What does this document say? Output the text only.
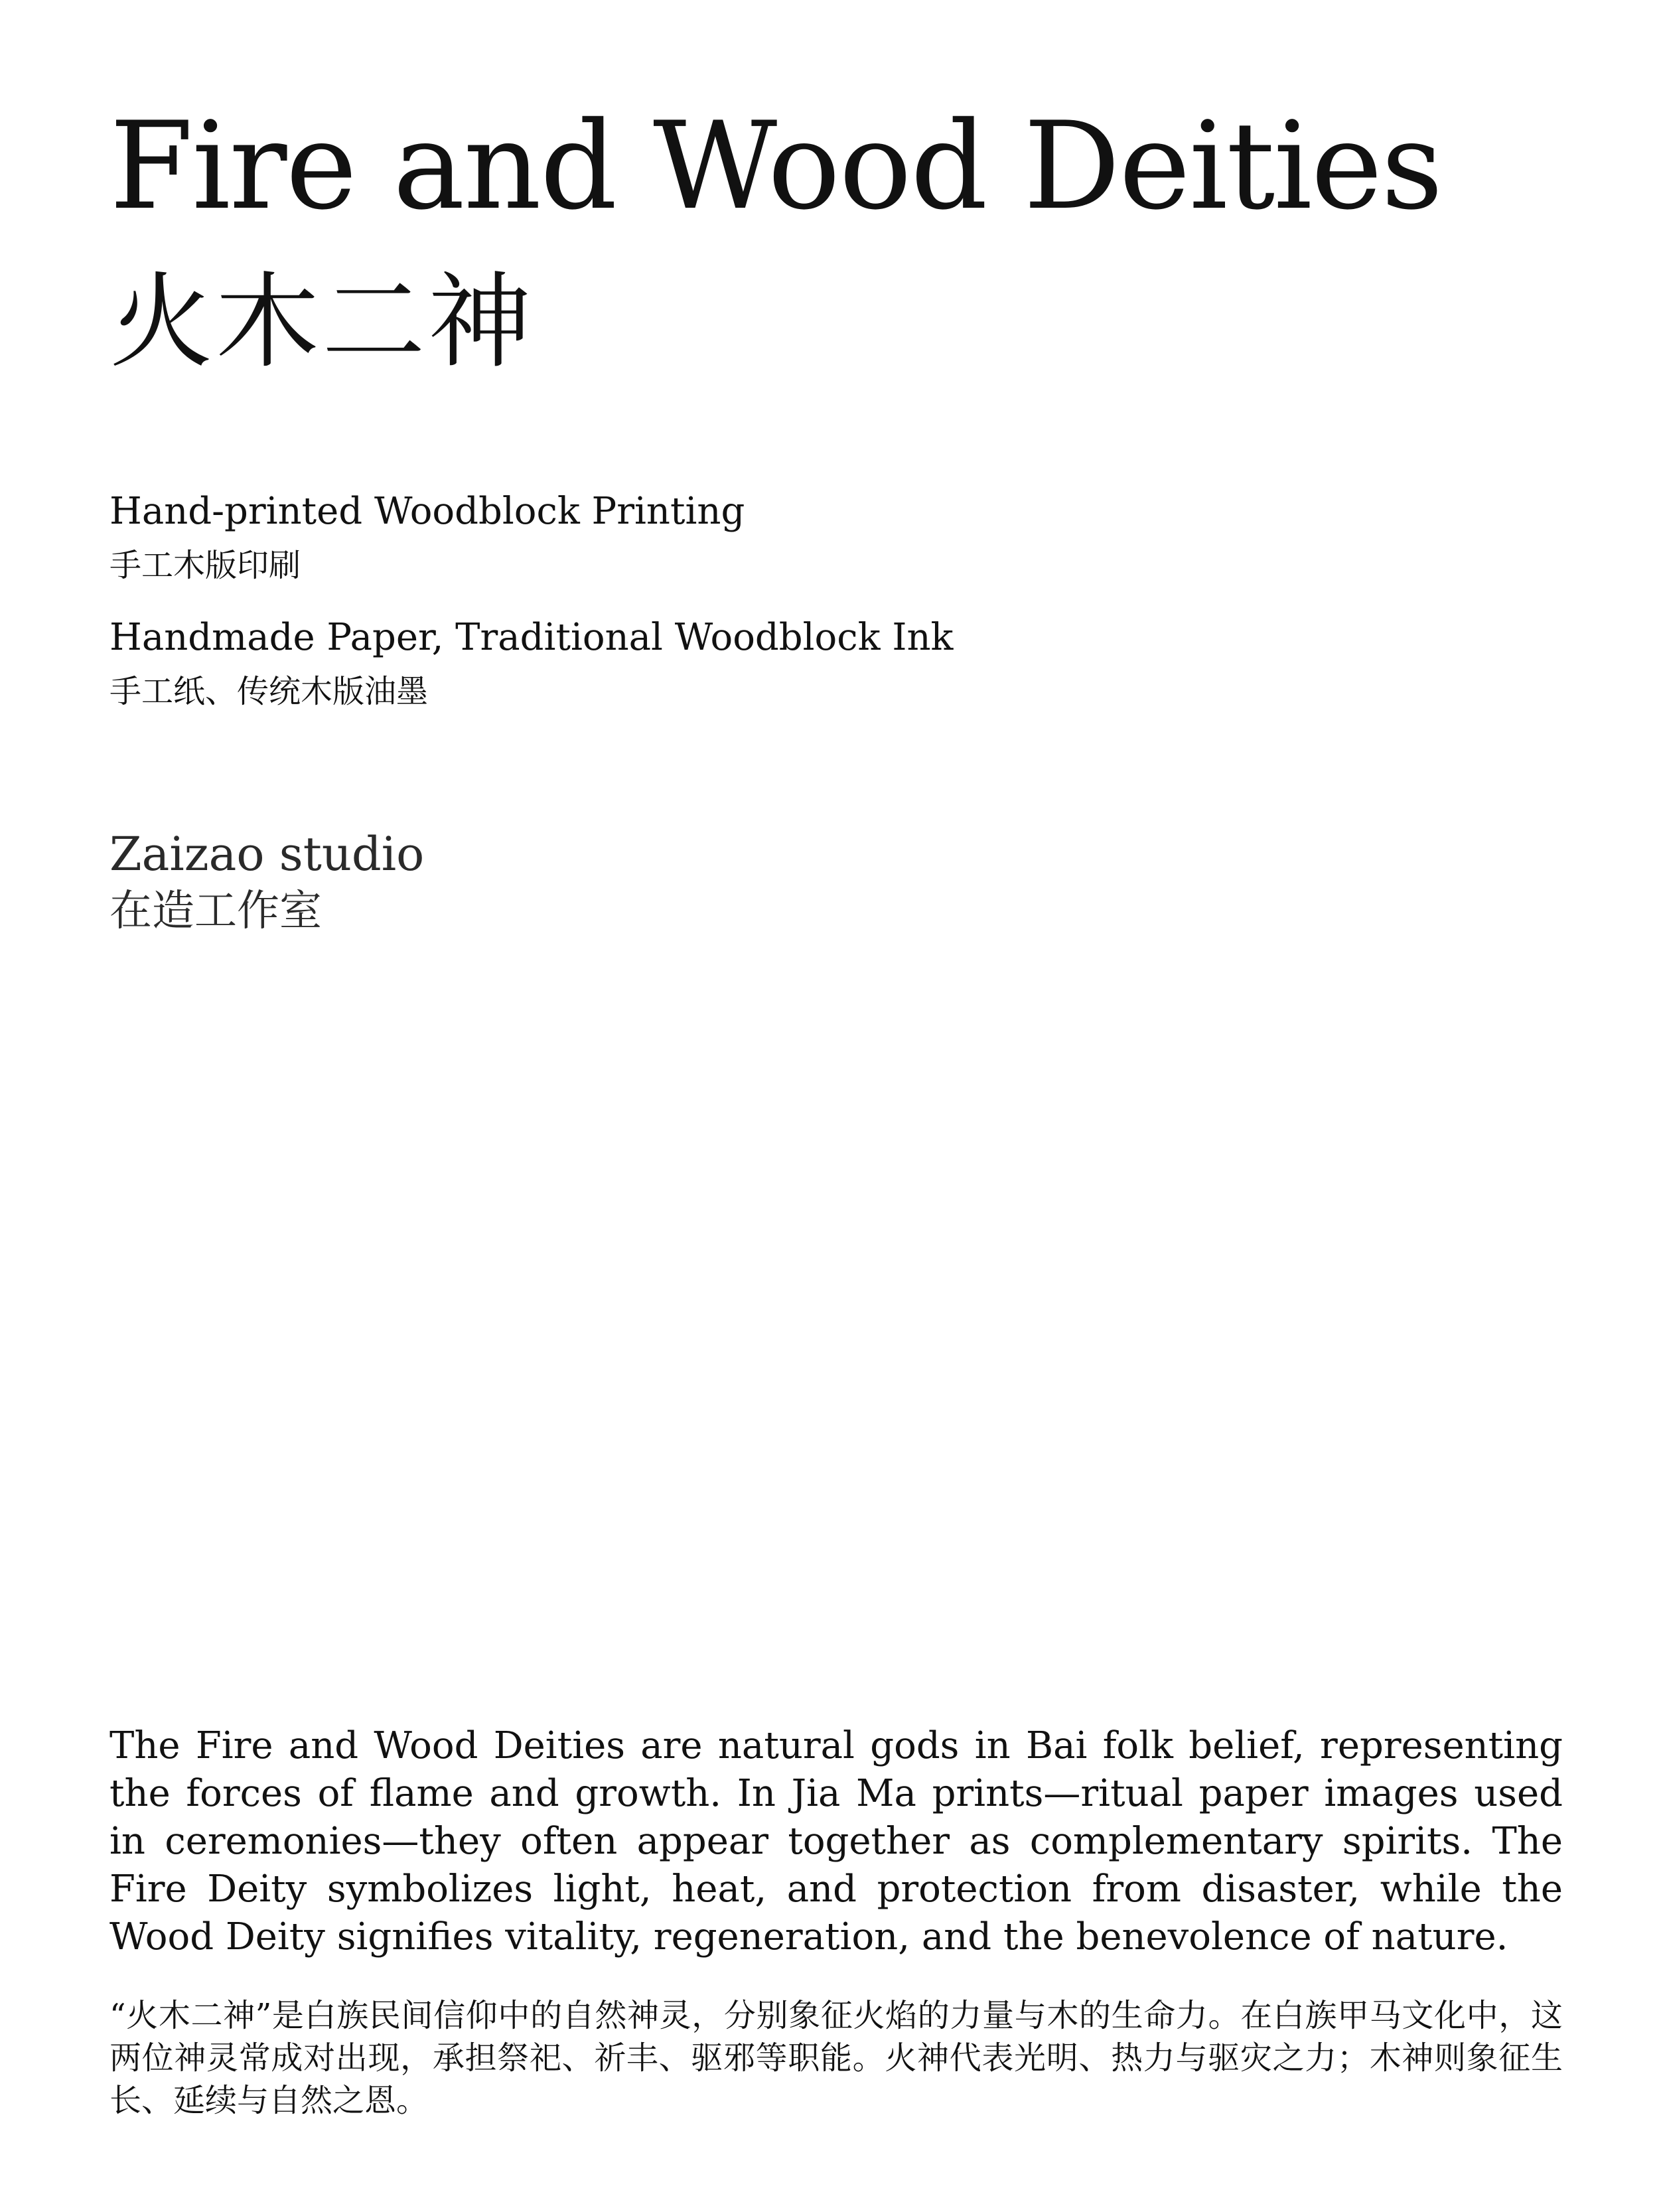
Fire and Wood Deities
火木二神
Hand-printed Woodblock Printing
手工木版印刷
Handmade Paper, Traditional Woodblock Ink
手工纸、传统木版油墨
Zaizao studio
在造工作室

The Fire and Wood Deities are natural gods in Bai folk belief, representing the forces of flame and growth. In Jia Ma prints—ritual paper images used in ceremonies—they often appear together as complementary spirits. The Fire Deity symbolizes light, heat, and protection from disaster, while the Wood Deity signifies vitality, regeneration, and the benevolence of nature.

“火木二神”是白族民间信仰中的自然神灵，分别象征火焰的力量与木的生命力。在白族甲马文化中，这两位神灵常成对出现，承担祭祀、祈丰、驱邪等职能。火神代表光明、热力与驱灾之力；木神则象征生长、延续与自然之恩。
